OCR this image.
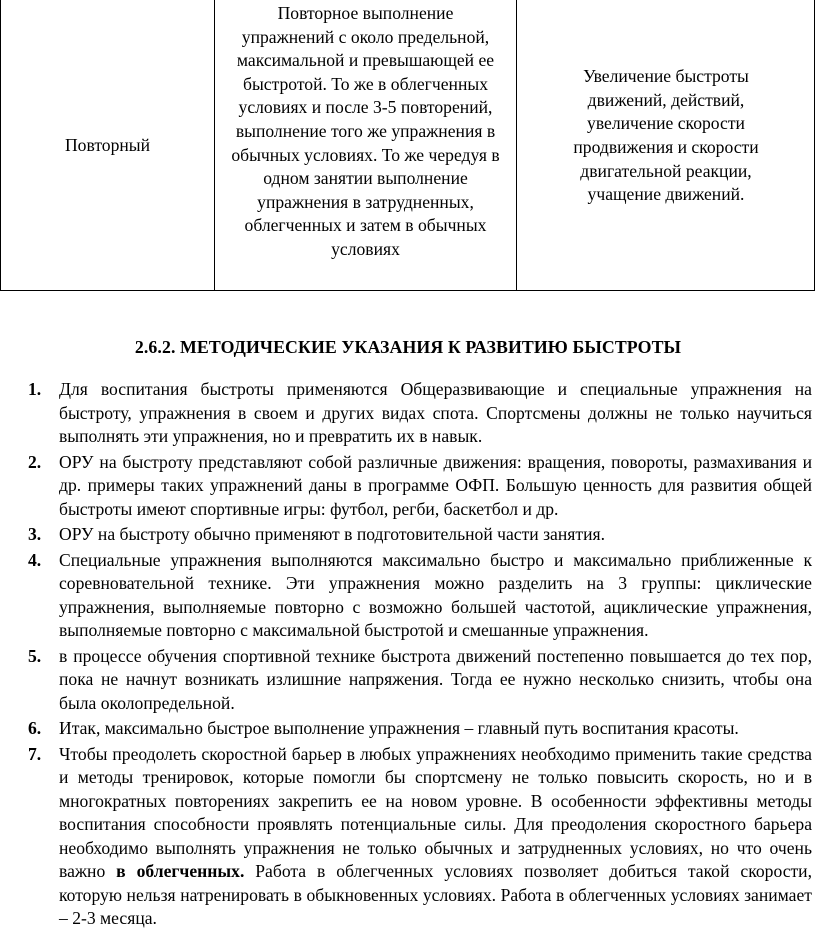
Повторный
Повторное выполнение упражнений с около предельной, максимальной и превышающей ее быстротой. То же в облегченных условиях и после 3-5 повторений, выполнение того же упражнения в обычных условиях. То же чередуя в одном занятии выполнение упражнения в затрудненных, облегченных и затем в обычных условиях
Увеличение быстроты движений, действий, увеличение скорости продвижения и скорости двигательной реакции, учащение движений.
2.6.2. МЕТОДИЧЕСКИЕ УКАЗАНИЯ К РАЗВИТИЮ БЫСТРОТЫ
1. Для воспитания быстроты применяются Общеразвивающие и специальные упражнения на быстроту, упражнения в своем и других видах спота. Спортсмены должны не только научиться выполнять эти упражнения, но и превратить их в навык.
2. ОРУ на быстроту представляют собой различные движения: вращения, повороты, размахивания и др. примеры таких упражнений даны в программе ОФП. Большую ценность для развития общей быстроты имеют спортивные игры: футбол, регби, баскетбол и др.
3. ОРУ на быстроту обычно применяют в подготовительной части занятия.
4. Специальные упражнения выполняются максимально быстро и максимально приближенные к соревновательной технике. Эти упражнения можно разделить на 3 группы: циклические упражнения, выполняемые повторно с возможно большей частотой, ациклические упражнения, выполняемые повторно с максимальной быстротой и смешанные упражнения.
5. в процессе обучения спортивной технике быстрота движений постепенно повышается до тех пор, пока не начнут возникать излишние напряжения. Тогда ее нужно несколько снизить, чтобы она была околопредельной.
6. Итак, максимально быстрое выполнение упражнения – главный путь воспитания красоты.
7. Чтобы преодолеть скоростной барьер в любых упражнениях необходимо применить такие средства и методы тренировок, которые помогли бы спортсмену не только повысить скорость, но и в многократных повторениях закрепить ее на новом уровне. В особенности эффективны методы воспитания способности проявлять потенциальные силы. Для преодоления скоростного барьера необходимо выполнять упражнения не только обычных и затрудненных условиях, но что очень важно в облегченных. Работа в облегченных условиях позволяет добиться такой скорости, которую нельзя натренировать в обыкновенных условиях. Работа в облегченных условиях занимает – 2-3 месяца.
